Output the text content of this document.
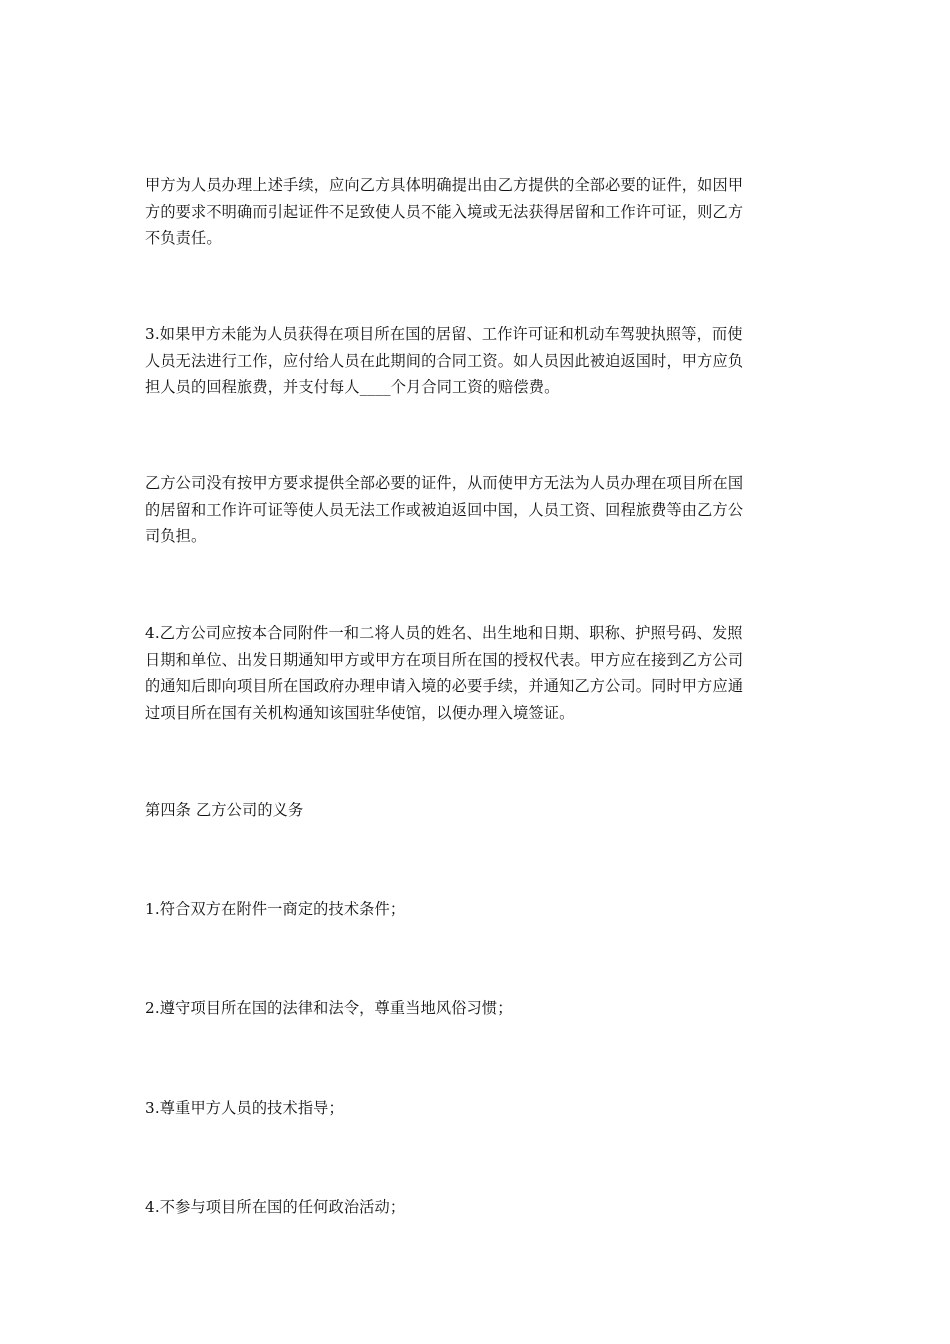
甲方为人员办理上述手续，应向乙方具体明确提出由乙方提供的全部必要的证件，如因甲
方的要求不明确而引起证件不足致使人员不能入境或无法获得居留和工作许可证，则乙方
不负责任。

3.如果甲方未能为人员获得在项目所在国的居留、工作许可证和机动车驾驶执照等，而使
人员无法进行工作，应付给人员在此期间的合同工资。如人员因此被迫返国时，甲方应负
担人员的回程旅费，并支付每人____个月合同工资的赔偿费。

乙方公司没有按甲方要求提供全部必要的证件，从而使甲方无法为人员办理在项目所在国
的居留和工作许可证等使人员无法工作或被迫返回中国，人员工资、回程旅费等由乙方公
司负担。

4.乙方公司应按本合同附件一和二将人员的姓名、出生地和日期、职称、护照号码、发照
日期和单位、出发日期通知甲方或甲方在项目所在国的授权代表。甲方应在接到乙方公司
的通知后即向项目所在国政府办理申请入境的必要手续，并通知乙方公司。同时甲方应通
过项目所在国有关机构通知该国驻华使馆，以便办理入境签证。

第四条 乙方公司的义务

1.符合双方在附件一商定的技术条件；

2.遵守项目所在国的法律和法令，尊重当地风俗习惯；

3.尊重甲方人员的技术指导；

4.不参与项目所在国的任何政治活动；
